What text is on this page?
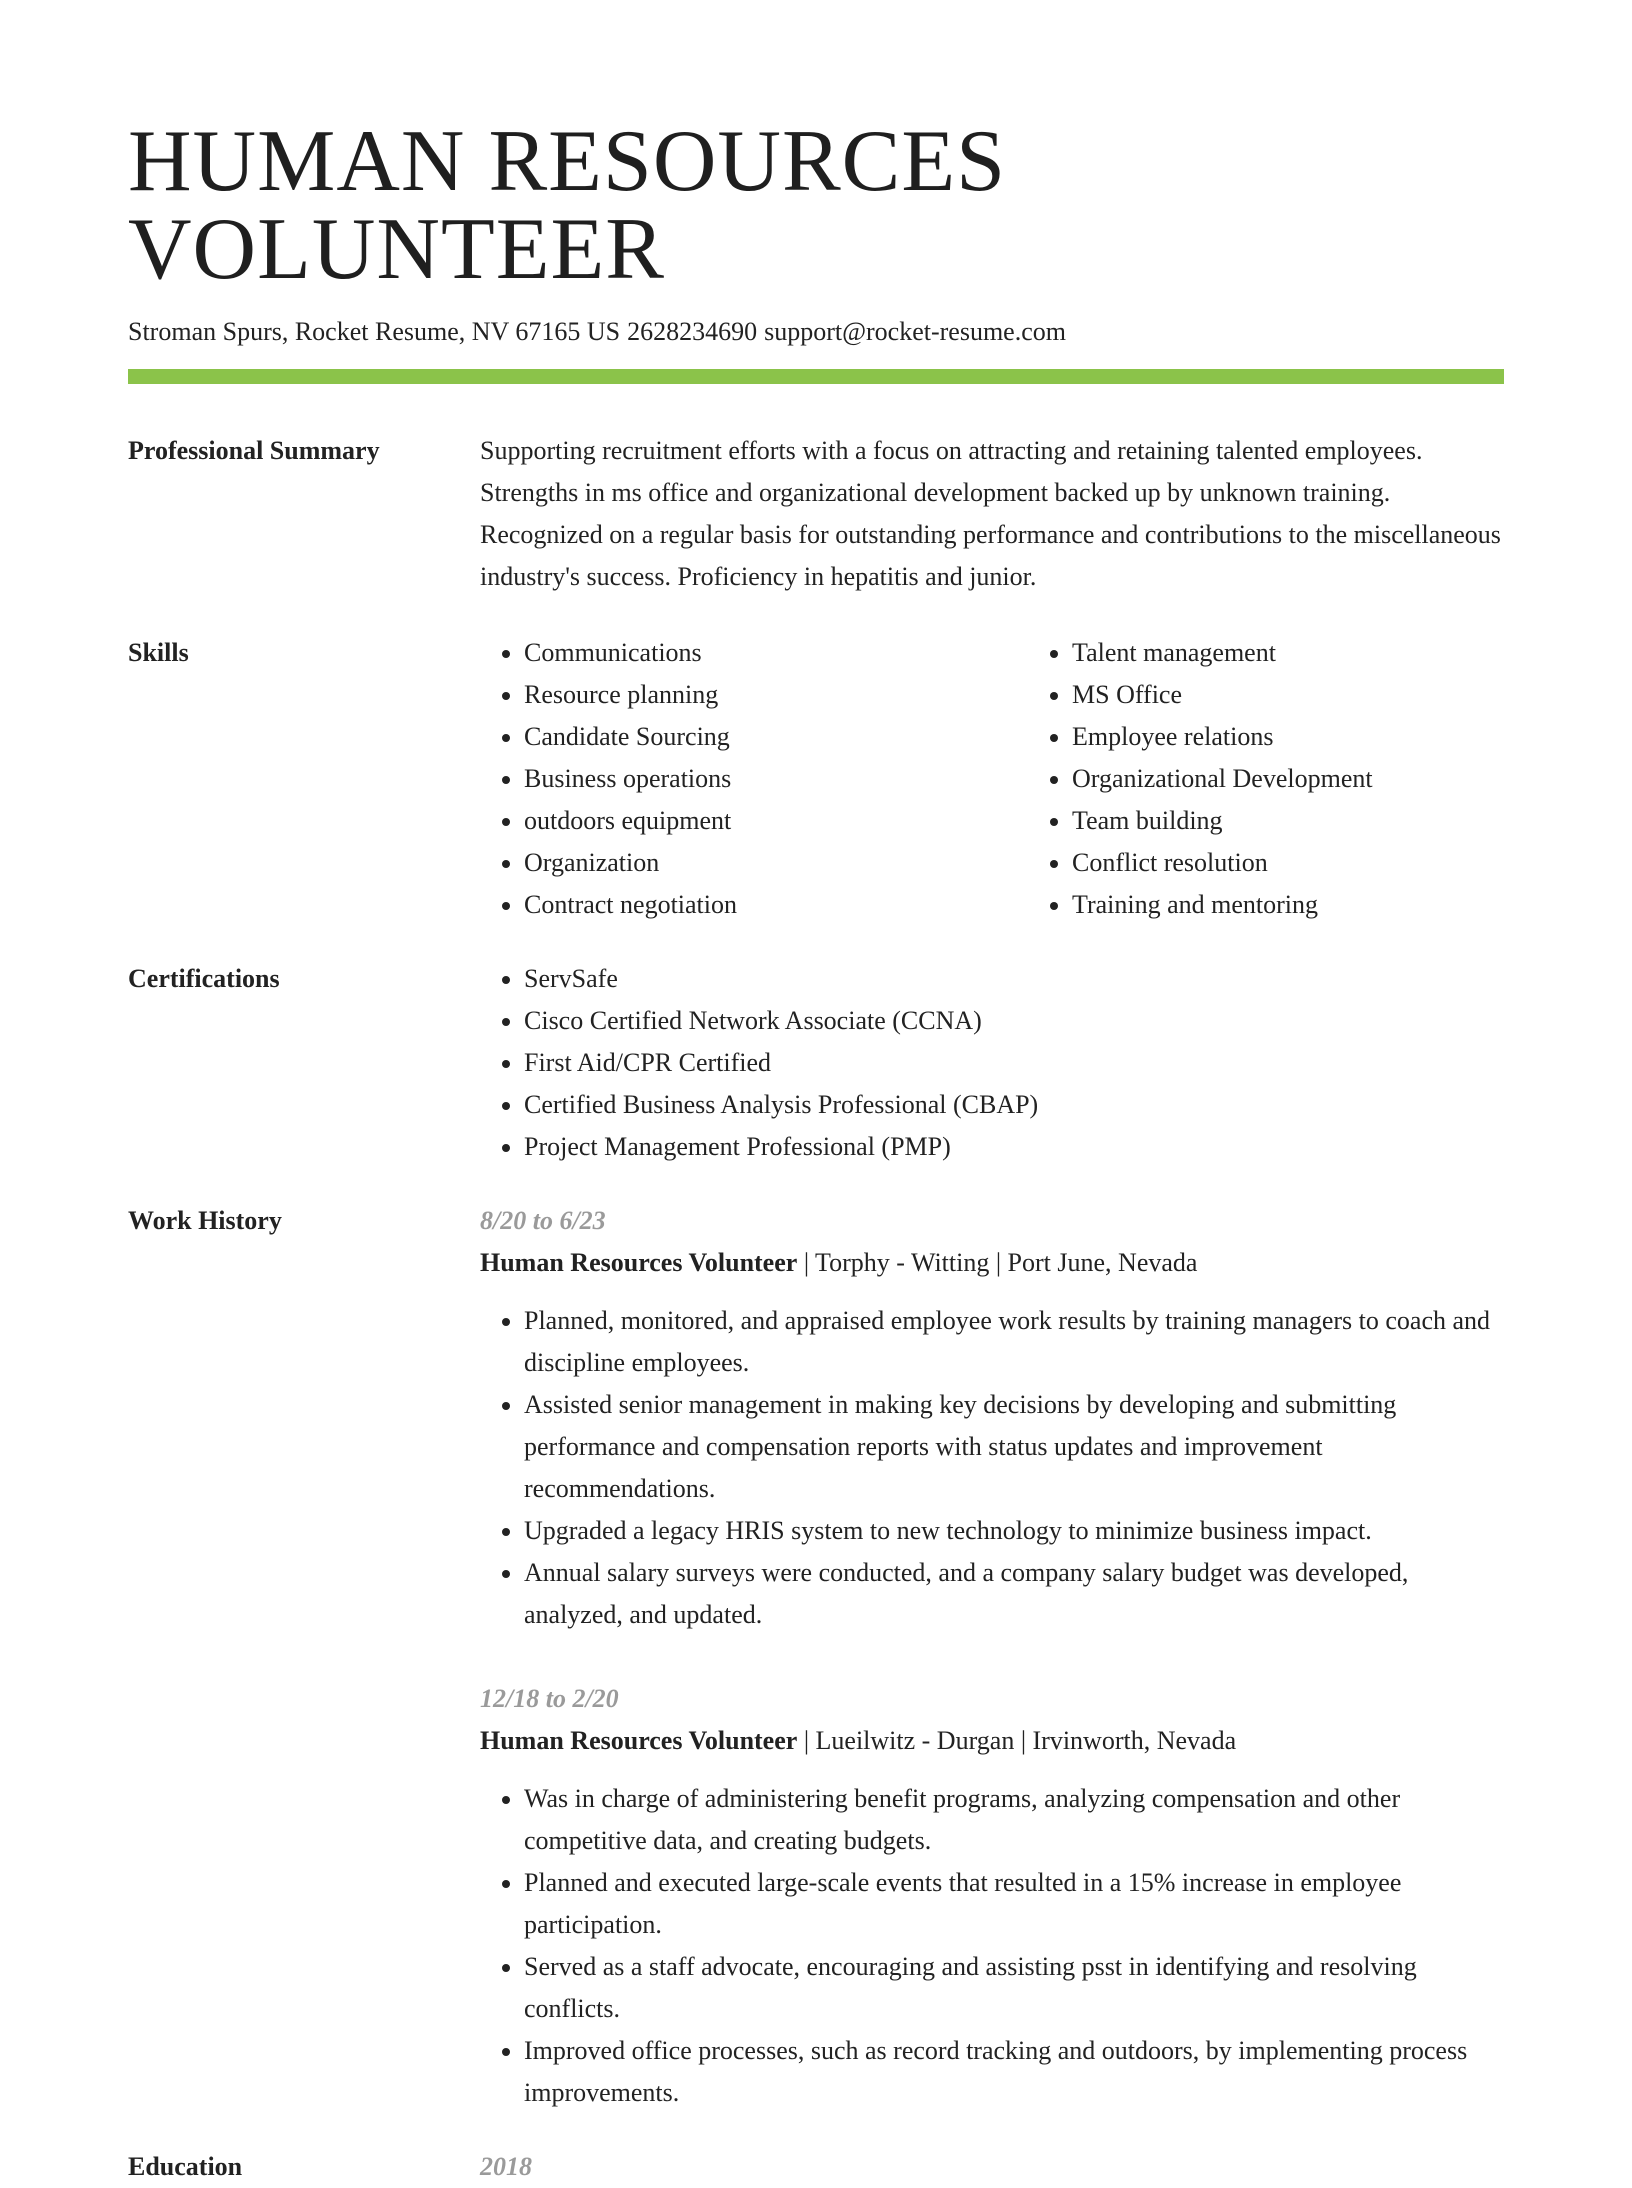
HUMAN RESOURCES VOLUNTEER
Stroman Spurs, Rocket Resume, NV 67165 US 2628234690 support@rocket-resume.com
Professional Summary	Supporting recruitment efforts with a focus on attracting and retaining talented employees. Strengths in ms office and organizational development backed up by unknown training. Recognized on a regular basis for outstanding performance and contributions to the miscellaneous industry's success. Proficiency in hepatitis and junior.
Skills	• Communications
• Resource planning
• Candidate Sourcing
• Business operations
• outdoors equipment
• Organization
• Contract negotiation
• Talent management
• MS Office
• Employee relations
• Organizational Development
• Team building
• Conflict resolution
• Training and mentoring
Certifications	• ServSafe
• Cisco Certified Network Associate (CCNA)
• First Aid/CPR Certified
• Certified Business Analysis Professional (CBAP)
• Project Management Professional (PMP)
Work History	8/20 to 6/23
Human Resources Volunteer | Torphy - Witting | Port June, Nevada
• Planned, monitored, and appraised employee work results by training managers to coach and discipline employees.
• Assisted senior management in making key decisions by developing and submitting performance and compensation reports with status updates and improvement recommendations.
• Upgraded a legacy HRIS system to new technology to minimize business impact.
• Annual salary surveys were conducted, and a company salary budget was developed, analyzed, and updated.
12/18 to 2/20
Human Resources Volunteer | Lueilwitz - Durgan | Irvinworth, Nevada
• Was in charge of administering benefit programs, analyzing compensation and other competitive data, and creating budgets.
• Planned and executed large-scale events that resulted in a 15% increase in employee participation.
• Served as a staff advocate, encouraging and assisting psst in identifying and resolving conflicts.
• Improved office processes, such as record tracking and outdoors, by implementing process improvements.
Education	2018
